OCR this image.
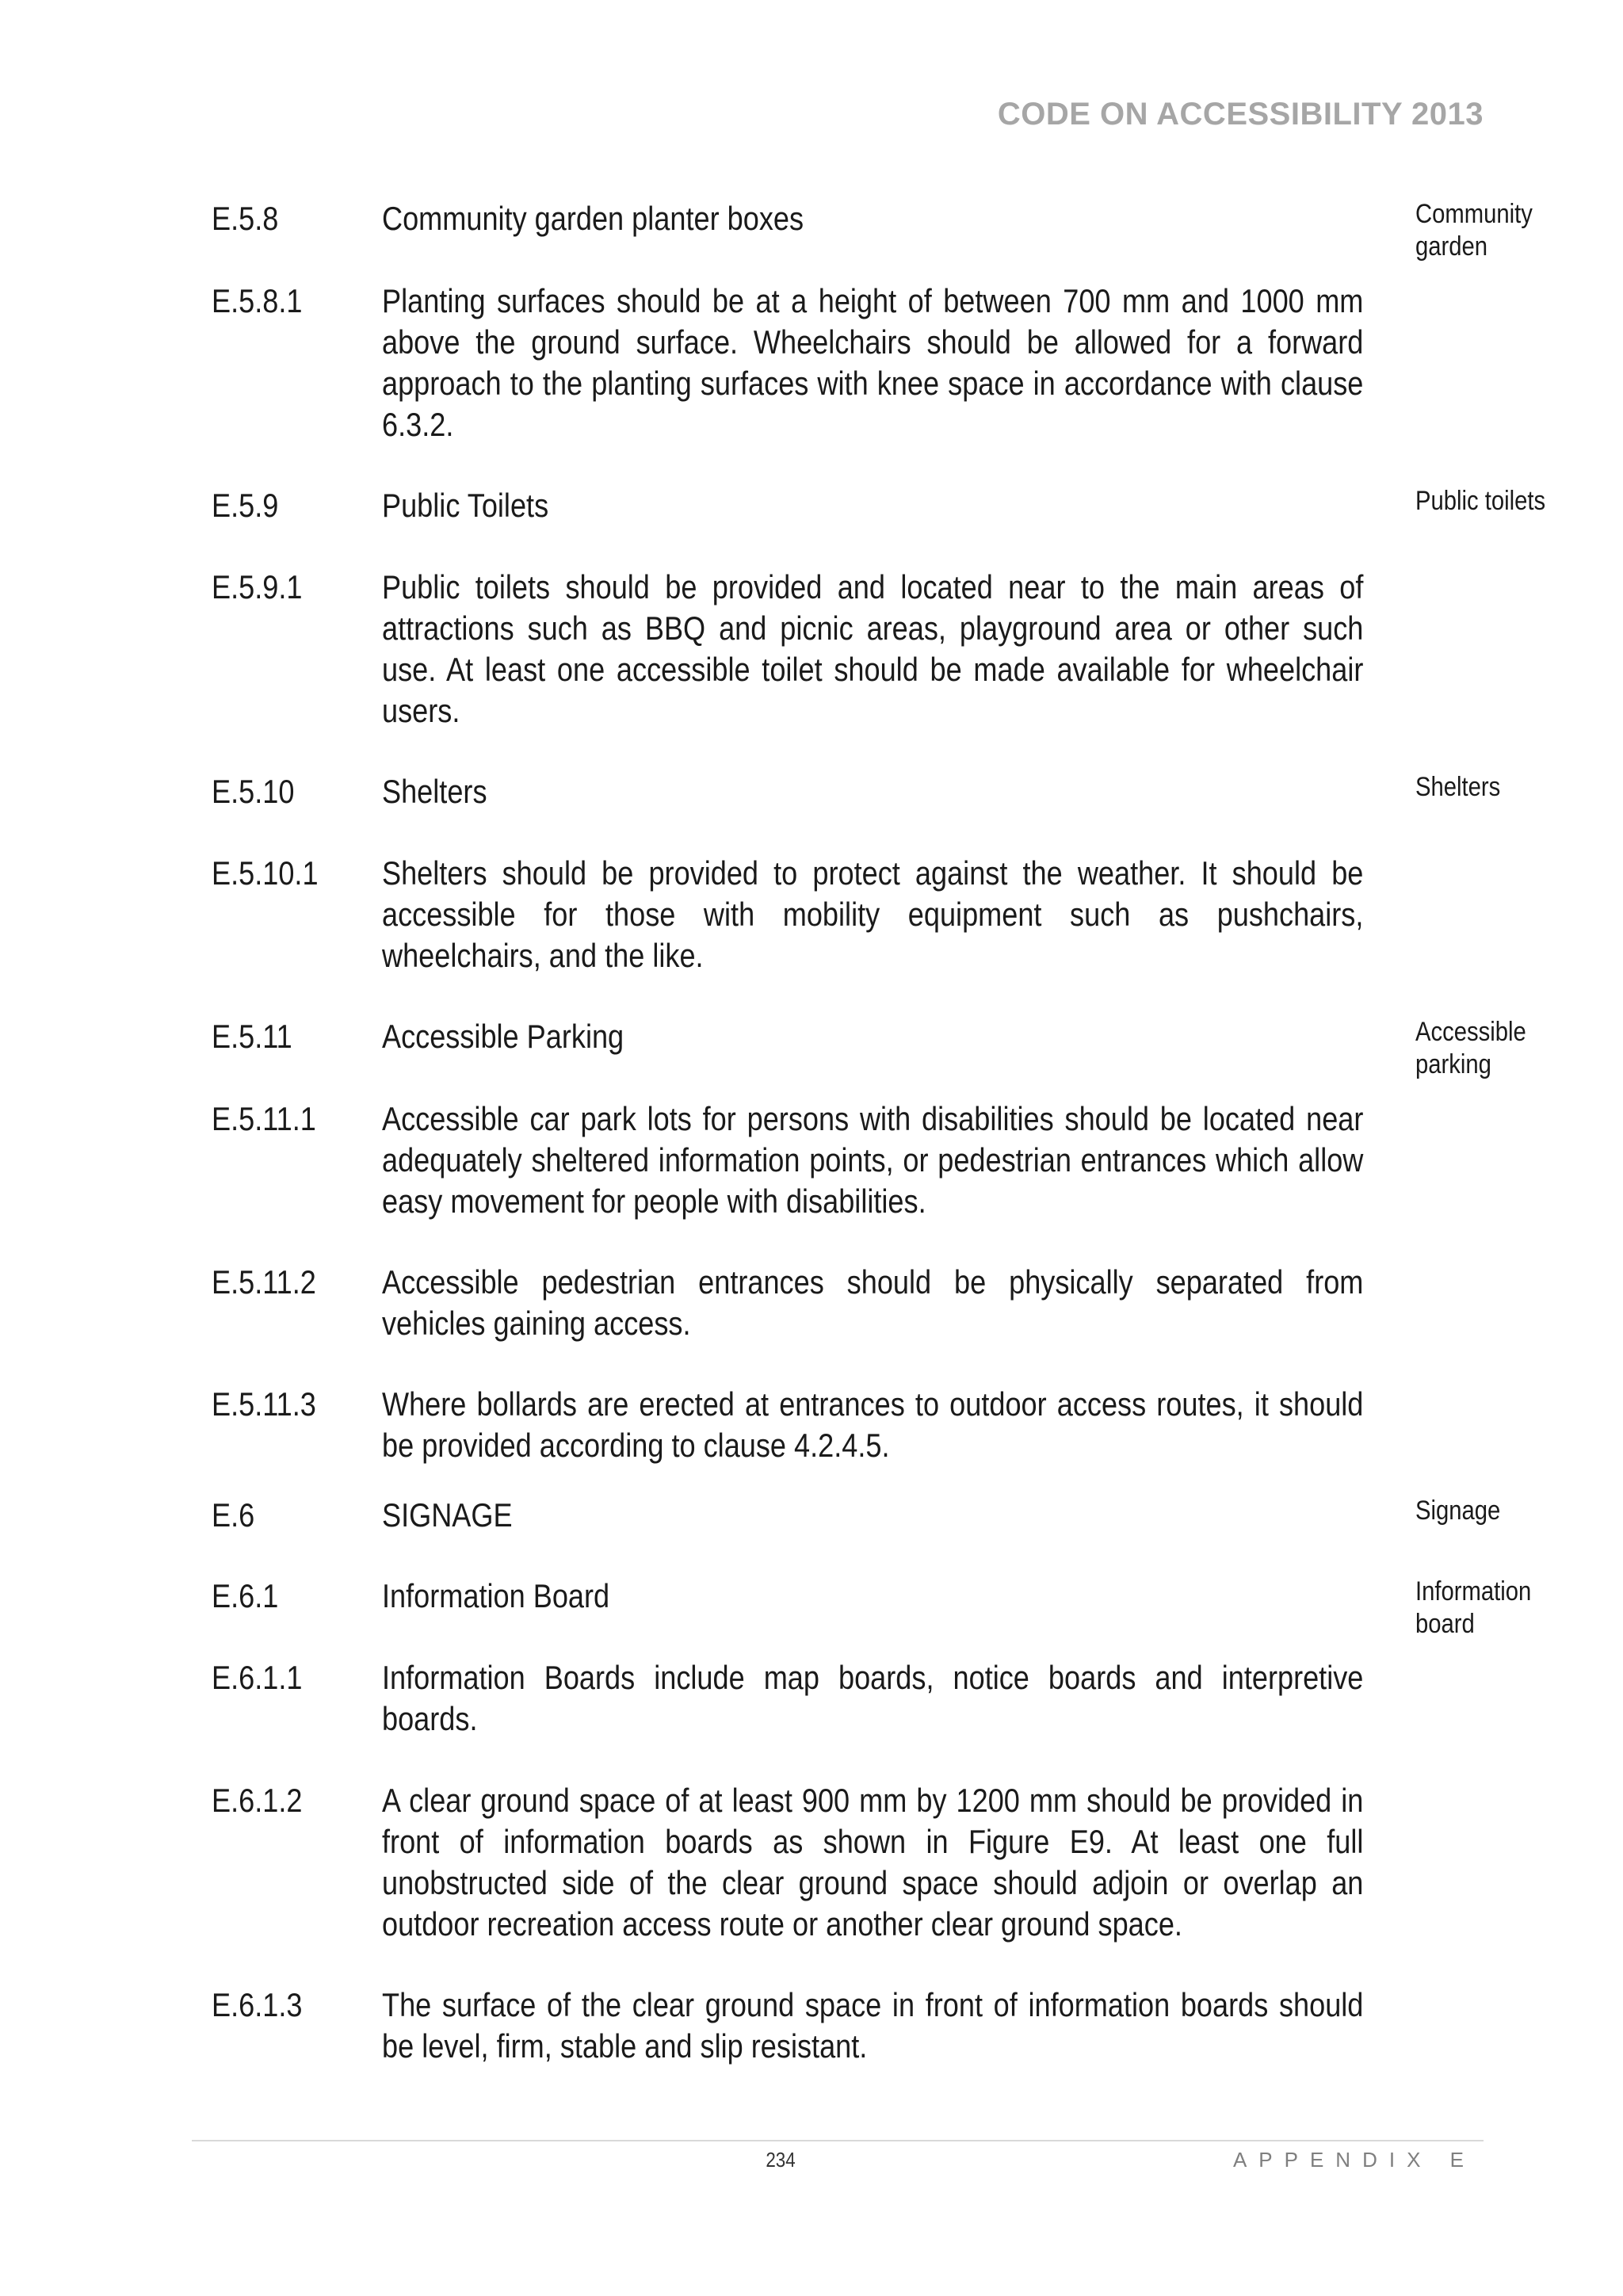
CODE ON ACCESSIBILITY 2013
E.5.8	Community garden planter boxes	Community
garden
E.5.8.1 Planting surfaces should be at a height of between 700 mm and 1000 mm above the ground surface. Wheelchairs should be allowed for a forward approach to the planting surfaces with knee space in accordance with clause 6.3.2.
E.5.9	Public Toilets	Public toilets
E.5.9.1 Public toilets should be provided and located near to the main areas of attractions such as BBQ and picnic areas, playground area or other such use. At least one accessible toilet should be made available for wheelchair users.
E.5.10	Shelters	Shelters
E.5.10.1 Shelters should be provided to protect against the weather. It should be accessible for those with mobility equipment such as pushchairs, wheelchairs, and the like.
E.5.11	Accessible Parking	Accessible
parking
E.5.11.1 Accessible car park lots for persons with disabilities should be located near adequately sheltered information points, or pedestrian entrances which allow easy movement for people with disabilities.
E.5.11.2 Accessible pedestrian entrances should be physically separated from vehicles gaining access.
E.5.11.3 Where bollards are erected at entrances to outdoor access routes, it should be provided according to clause 4.2.4.5.
E.6	SIGNAGE	Signage
E.6.1	Information Board	Information
board
E.6.1.1 Information Boards include map boards, notice boards and interpretive boards.
E.6.1.2 A clear ground space of at least 900 mm by 1200 mm should be provided in front of information boards as shown in Figure E9. At least one full unobstructed side of the clear ground space should adjoin or overlap an outdoor recreation access route or another clear ground space.
E.6.1.3 The surface of the clear ground space in front of information boards should be level, firm, stable and slip resistant.
234	APPENDIX E
